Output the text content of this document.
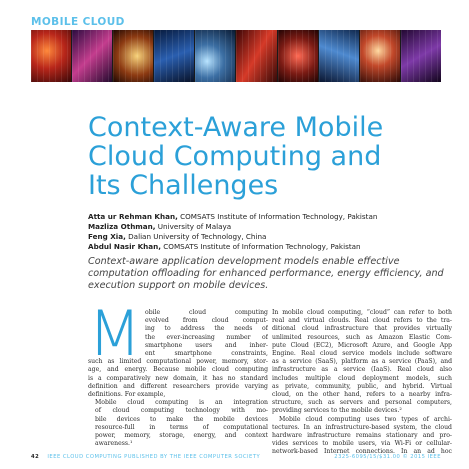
MOBILE CLOUD
Context-Aware Mobile
Cloud Computing and
Its Challenges
Atta ur Rehman Khan, COMSATS Institute of Information Technology, Pakistan
Mazliza Othman, University of Malaya
Feng Xia, Dalian University of Technology, China
Abdul Nasir Khan, COMSATS Institute of Information Technology, Pakistan

Context-aware application development models enable effective
computation offloading for enhanced performance, energy efficiency, and
execution support on mobile devices.

M obile cloud computing
evolved from cloud comput-
ing to address the needs of
the ever-increasing number of
smartphone users and inher-
ent smartphone constraints,
such as limited computational power, memory, stor-
age, and energy. Because mobile cloud computing
is a comparatively new domain, it has no standard
definition and different researchers provide varying
definitions. For example,
Mobile cloud computing is an integration
of cloud computing technology with mo-
bile devices to make the mobile devices
resource-full in terms of computational
power, memory, storage, energy, and context
awareness.¹
In mobile cloud computing, “cloud” can refer to both
real and virtual clouds. Real cloud refers to the tra-
ditional cloud infrastructure that provides virtually
unlimited resources, such as Amazon Elastic Com-
pute Cloud (EC2), Microsoft Azure, and Google App
Engine. Real cloud service models include software
as a service (SaaS), platform as a service (PaaS), and
infrastructure as a service (IaaS). Real cloud also
includes multiple cloud deployment models, such
as private, community, public, and hybrid. Virtual
cloud, on the other hand, refers to a nearby infra-
structure, such as servers and personal computers,
providing services to the mobile devices.²
Mobile cloud computing uses two types of archi-
tectures. In an infrastructure-based system, the cloud
hardware infrastructure remains stationary and pro-
vides services to mobile users, via Wi-Fi or cellular-
network-based Internet connections. In an ad hoc
42 IEEE CLOUD COMPUTING PUBLISHED BY THE IEEE COMPUTER SOCIETY	2325-6095/15/$31.00 © 2015 IEEE
